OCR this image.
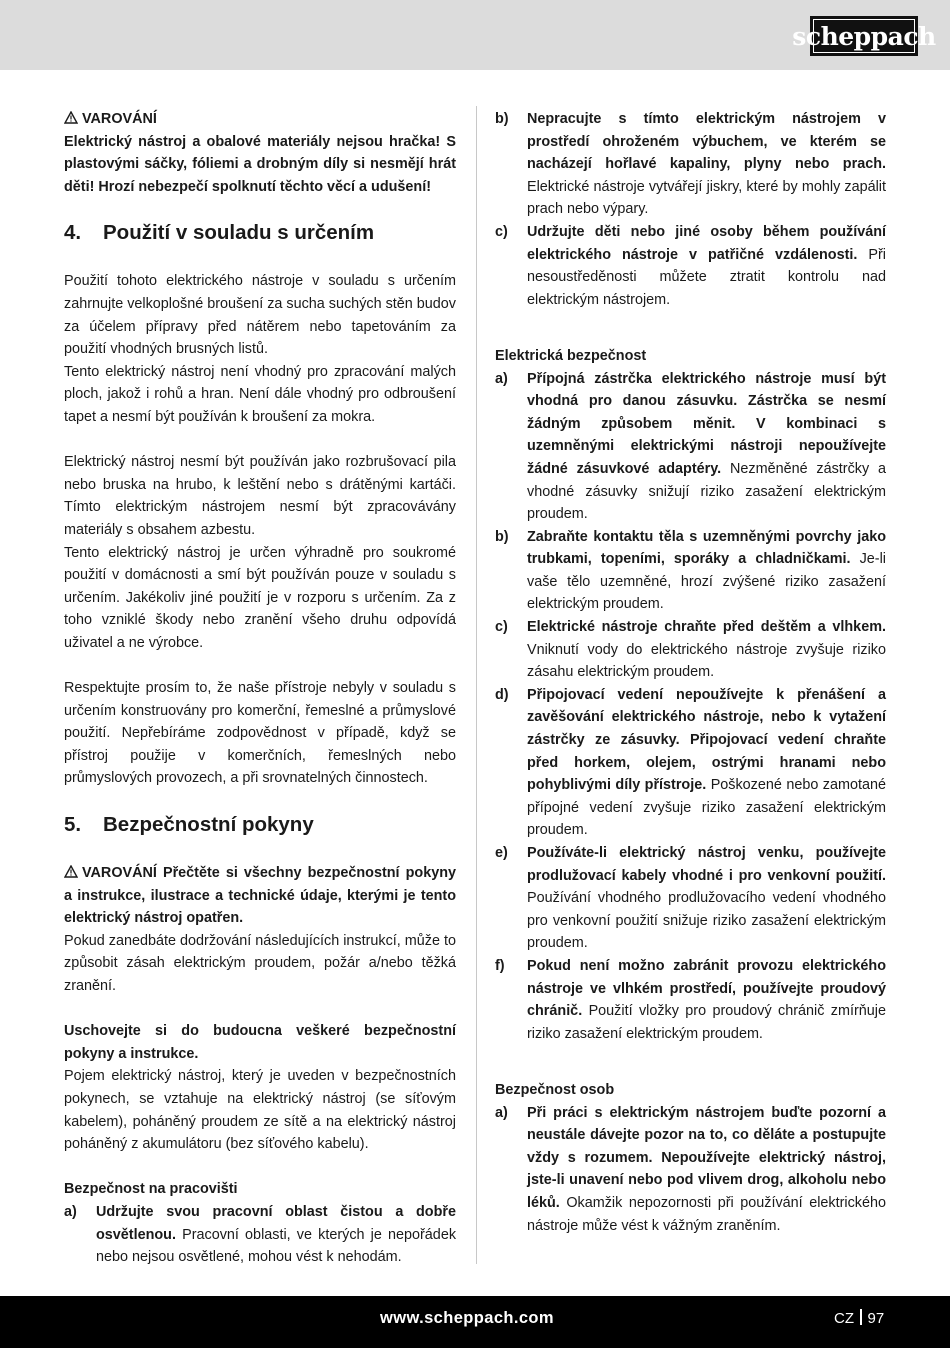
scheppach

VAROVÁNÍ

Elektrický nástroj a obalové materiály nejsou hračka! S plastovými sáčky, fóliemi a drobným díly si nesmějí hrát děti! Hrozí nebezpečí spolknutí těchto věcí a udušení!

4.	Použití v souladu s určením

Použití tohoto elektrického nástroje v souladu s určením zahrnujte velkoplošné broušení za sucha suchých stěn budov za účelem přípravy před nátěrem nebo tapetováním za použití vhodných brusných listů.

Tento elektrický nástroj není vhodný pro zpracování malých ploch, jakož i rohů a hran. Není dále vhodný pro odbroušení tapet a nesmí být používán k broušení za mokra.

Elektrický nástroj nesmí být používán jako rozbrušovací pila nebo bruska na hrubo, k leštění nebo s drátěnými kartáči. Tímto elektrickým nástrojem nesmí být zpracovávány materiály s obsahem azbestu.

Tento elektrický nástroj je určen výhradně pro soukromé použití v domácnosti a smí být používán pouze v souladu s určením. Jakékoliv jiné použití je v rozporu s určením. Za z toho vzniklé škody nebo zranění všeho druhu odpovídá uživatel a ne výrobce.

Respektujte prosím to, že naše přístroje nebyly v souladu s určením konstruovány pro komerční, řemeslné a průmyslové použití. Nepřebíráme zodpovědnost v případě, když se přístroj použije v komerčních, řemeslných nebo průmyslových provozech, a při srovnatelných činnostech.

5.	Bezpečnostní pokyny

VAROVÁNÍ Přečtěte si všechny bezpečnostní pokyny a instrukce, ilustrace a technické údaje, kterými je tento elektrický nástroj opatřen.

Pokud zanedbáte dodržování následujících instrukcí, může to způsobit zásah elektrickým proudem, požár a/nebo těžká zranění.

Uschovejte si do budoucna veškeré bezpečnostní pokyny a instrukce.

Pojem elektrický nástroj, který je uveden v bezpečnostních pokynech, se vztahuje na elektrický nástroj (se síťovým kabelem), poháněný proudem ze sítě a na elektrický nástroj poháněný z akumulátoru (bez síťového kabelu).

Bezpečnost na pracovišti

a)	Udržujte svou pracovní oblast čistou a dobře osvětlenou. Pracovní oblasti, ve kterých je nepořádek nebo nejsou osvětlené, mohou vést k nehodám.
b)	Nepracujte s tímto elektrickým nástrojem v prostředí ohroženém výbuchem, ve kterém se nacházejí hořlavé kapaliny, plyny nebo prach. Elektrické nástroje vytvářejí jiskry, které by mohly zapálit prach nebo výpary.
c)	Udržujte děti nebo jiné osoby během používání elektrického nástroje v patřičné vzdálenosti. Při nesoustředěnosti můžete ztratit kontrolu nad elektrickým nástrojem.

Elektrická bezpečnost

a)	Přípojná zástrčka elektrického nástroje musí být vhodná pro danou zásuvku. Zástrčka se nesmí žádným způsobem měnit. V kombinaci s uzemněnými elektrickými nástroji nepoužívejte žádné zásuvkové adaptéry. Nezměněné zástrčky a vhodné zásuvky snižují riziko zasažení elektrickým proudem.
b)	Zabraňte kontaktu těla s uzemněnými povrchy jako trubkami, topeními, sporáky a chladničkami. Je-li vaše tělo uzemněné, hrozí zvýšené riziko zasažení elektrickým proudem.
c)	Elektrické nástroje chraňte před deštěm a vlhkem. Vniknutí vody do elektrického nástroje zvyšuje riziko zásahu elektrickým proudem.
d)	Připojovací vedení nepoužívejte k přenášení a zavěšování elektrického nástroje, nebo k vytažení zástrčky ze zásuvky. Připojovací vedení chraňte před horkem, olejem, ostrými hranami nebo pohyblivými díly přístroje. Poškozené nebo zamotané přípojné vedení zvyšuje riziko zasažení elektrickým proudem.
e)	Používáte-li elektrický nástroj venku, používejte prodlužovací kabely vhodné i pro venkovní použití. Používání vhodného prodlužovacího vedení vhodného pro venkovní použití snižuje riziko zasažení elektrickým proudem.
f)	Pokud není možno zabránit provozu elektrického nástroje ve vlhkém prostředí, používejte proudový chránič. Použití vložky pro proudový chránič zmírňuje riziko zasažení elektrickým proudem.

Bezpečnost osob

a)	Při práci s elektrickým nástrojem buďte pozorní a neustále dávejte pozor na to, co děláte a postupujte vždy s rozumem. Nepoužívejte elektrický nástroj, jste-li unavení nebo pod vlivem drog, alkoholu nebo léků. Okamžik nepozornosti při používání elektrického nástroje může vést k vážným zraněním.
www.scheppach.com	CZ 97
